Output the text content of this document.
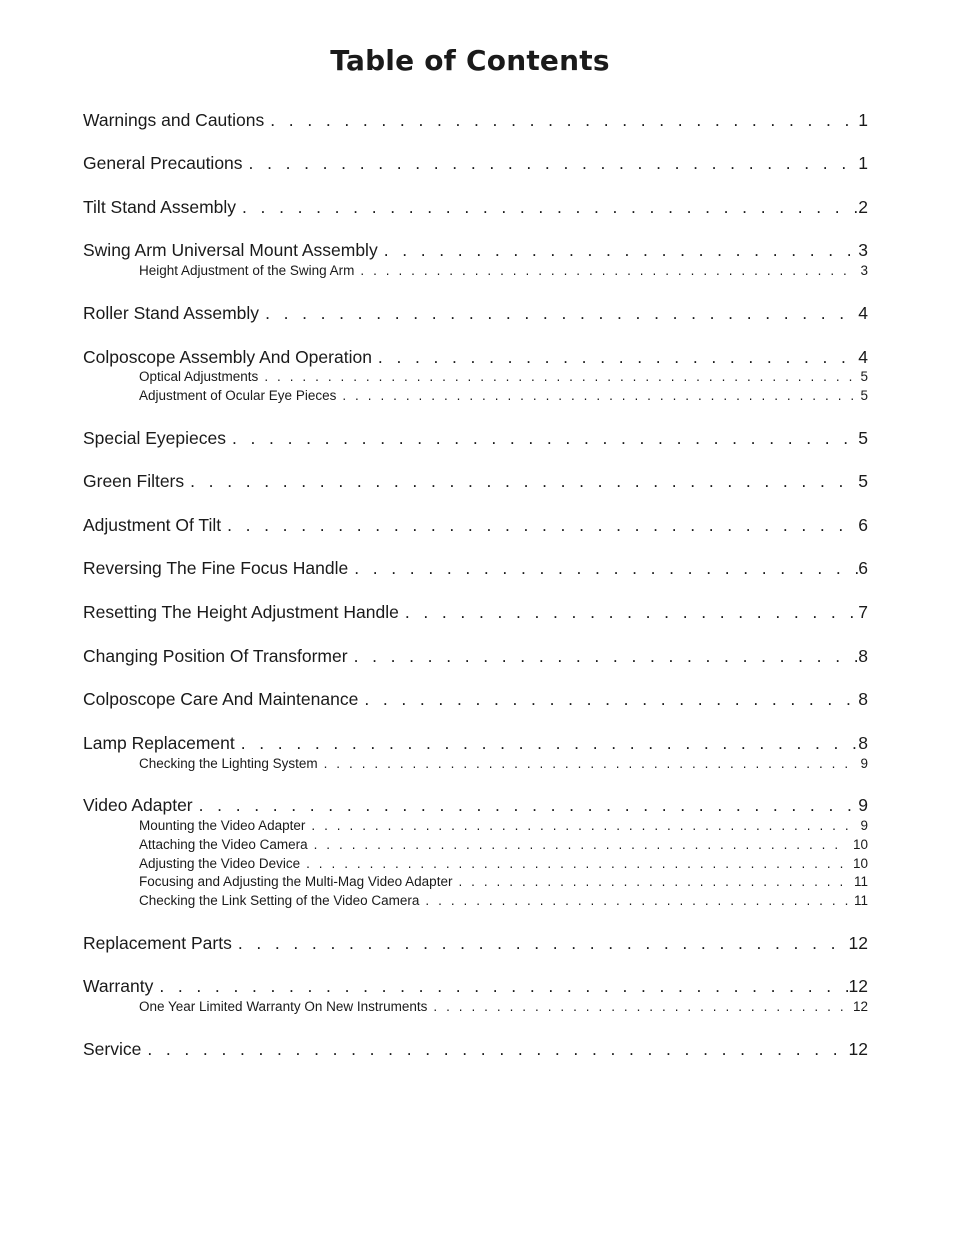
Table of Contents
Warnings and Cautions . . .	1
General Precautions . . .	1
Tilt Stand Assembly . . .	2
Swing Arm Universal Mount Assembly . . .	3
Height Adjustment of the Swing Arm . . .	3
Roller Stand Assembly . . .	4
Colposcope Assembly And Operation . . .	4
Optical Adjustments . . .	5
Adjustment of Ocular Eye Pieces . . .	5
Special Eyepieces . . .	5
Green Filters . . .	5
Adjustment Of Tilt . . .	6
Reversing The Fine Focus Handle . . .	6
Resetting The Height Adjustment Handle . . .	7
Changing Position Of Transformer . . .	8
Colposcope Care And Maintenance . . .	8
Lamp Replacement . . .	8
Checking the Lighting System . . .	9
Video Adapter . . .	9
Mounting the Video Adapter . . .	9
Attaching the Video Camera . . .	10
Adjusting the Video Device . . .	10
Focusing and Adjusting the Multi-Mag Video Adapter . . .	11
Checking the Link Setting of the Video Camera . . .	11
Replacement Parts . . .	12
Warranty . . .	12
One Year Limited Warranty On New Instruments . . .	12
Service . . .	12
